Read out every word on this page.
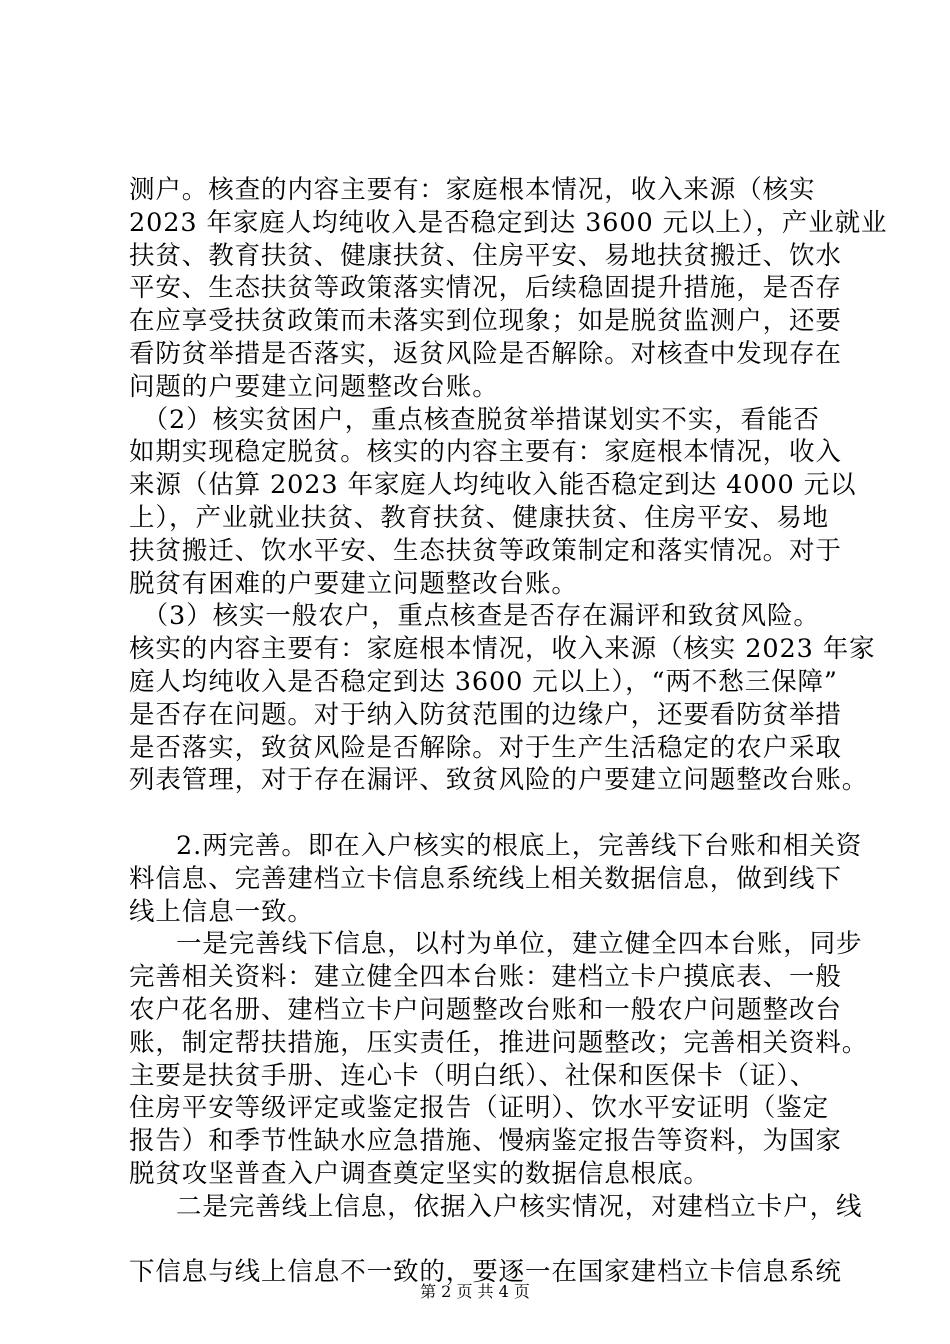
测户。核查的内容主要有：家庭根本情况，收入来源（核实
2023 年家庭人均纯收入是否稳定到达 3600 元以上），产业就业
扶贫、教育扶贫、健康扶贫、住房平安、易地扶贫搬迁、饮水
平安、生态扶贫等政策落实情况，后续稳固提升措施，是否存
在应享受扶贫政策而未落实到位现象；如是脱贫监测户，还要
看防贫举措是否落实，返贫风险是否解除。对核查中发现存在
问题的户要建立问题整改台账。
　（2）核实贫困户，重点核查脱贫举措谋划实不实，看能否
如期实现稳定脱贫。核实的内容主要有：家庭根本情况，收入
来源（估算 2023 年家庭人均纯收入能否稳定到达 4000 元以
上），产业就业扶贫、教育扶贫、健康扶贫、住房平安、易地
扶贫搬迁、饮水平安、生态扶贫等政策制定和落实情况。对于
脱贫有困难的户要建立问题整改台账。
　（3）核实一般农户，重点核查是否存在漏评和致贫风险。
核实的内容主要有：家庭根本情况，收入来源（核实 2023 年家
庭人均纯收入是否稳定到达 3600 元以上），“两不愁三保障”
是否存在问题。对于纳入防贫范围的边缘户，还要看防贫举措
是否落实，致贫风险是否解除。对于生产生活稳定的农户采取
列表管理，对于存在漏评、致贫风险的户要建立问题整改台账。
2.两完善。即在入户核实的根底上，完善线下台账和相关资
料信息、完善建档立卡信息系统线上相关数据信息，做到线下
线上信息一致。
一是完善线下信息，以村为单位，建立健全四本台账，同步
完善相关资料：建立健全四本台账：建档立卡户摸底表、一般
农户花名册、建档立卡户问题整改台账和一般农户问题整改台
账，制定帮扶措施，压实责任，推进问题整改；完善相关资料。
主要是扶贫手册、连心卡（明白纸）、社保和医保卡（证）、
住房平安等级评定或鉴定报告（证明）、饮水平安证明（鉴定
报告）和季节性缺水应急措施、慢病鉴定报告等资料，为国家
脱贫攻坚普查入户调查奠定坚实的数据信息根底。
二是完善线上信息，依据入户核实情况，对建档立卡户，线
下信息与线上信息不一致的，要逐一在国家建档立卡信息系统
第 2 页 共 4 页
